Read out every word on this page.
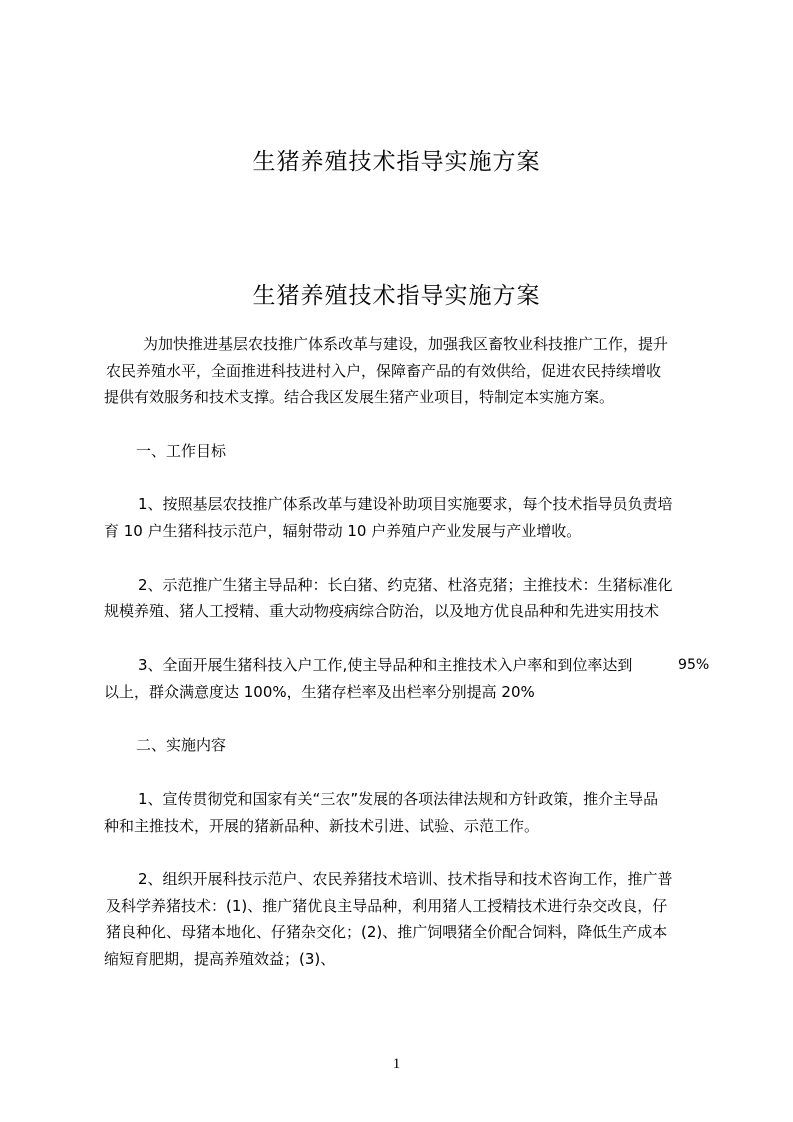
生猪养殖技术指导实施方案
生猪养殖技术指导实施方案
为加快推进基层农技推广体系改革与建设，加强我区畜牧业科技推广工作，提升
农民养殖水平，全面推进科技进村入户，保障畜产品的有效供给，促进农民持续增收
提供有效服务和技术支撑。结合我区发展生猪产业项目，特制定本实施方案。
一、工作目标
1、按照基层农技推广体系改革与建设补助项目实施要求，每个技术指导员负责培
育 10 户生猪科技示范户，辐射带动 10 户养殖户产业发展与产业增收。
2、示范推广生猪主导品种：长白猪、约克猪、杜洛克猪；主推技术：生猪标准化
规模养殖、猪人工授精、重大动物疫病综合防治，以及地方优良品种和先进实用技术
3、全面开展生猪科技入户工作,使主导品种和主推技术入户率和到位率达到	95%
以上，群众满意度达 100%，生猪存栏率及出栏率分别提高 20%
二、实施内容
1、宣传贯彻党和国家有关“三农”发展的各项法律法规和方针政策，推介主导品
种和主推技术，开展的猪新品种、新技术引进、试验、示范工作。
2、组织开展科技示范户、农民养猪技术培训、技术指导和技术咨询工作，推广普
及科学养猪技术：(1)、推广猪优良主导品种，利用猪人工授精技术进行杂交改良，仔
猪良种化、母猪本地化、仔猪杂交化；(2)、推广饲喂猪全价配合饲料，降低生产成本
缩短育肥期，提高养殖效益；(3)、
1
